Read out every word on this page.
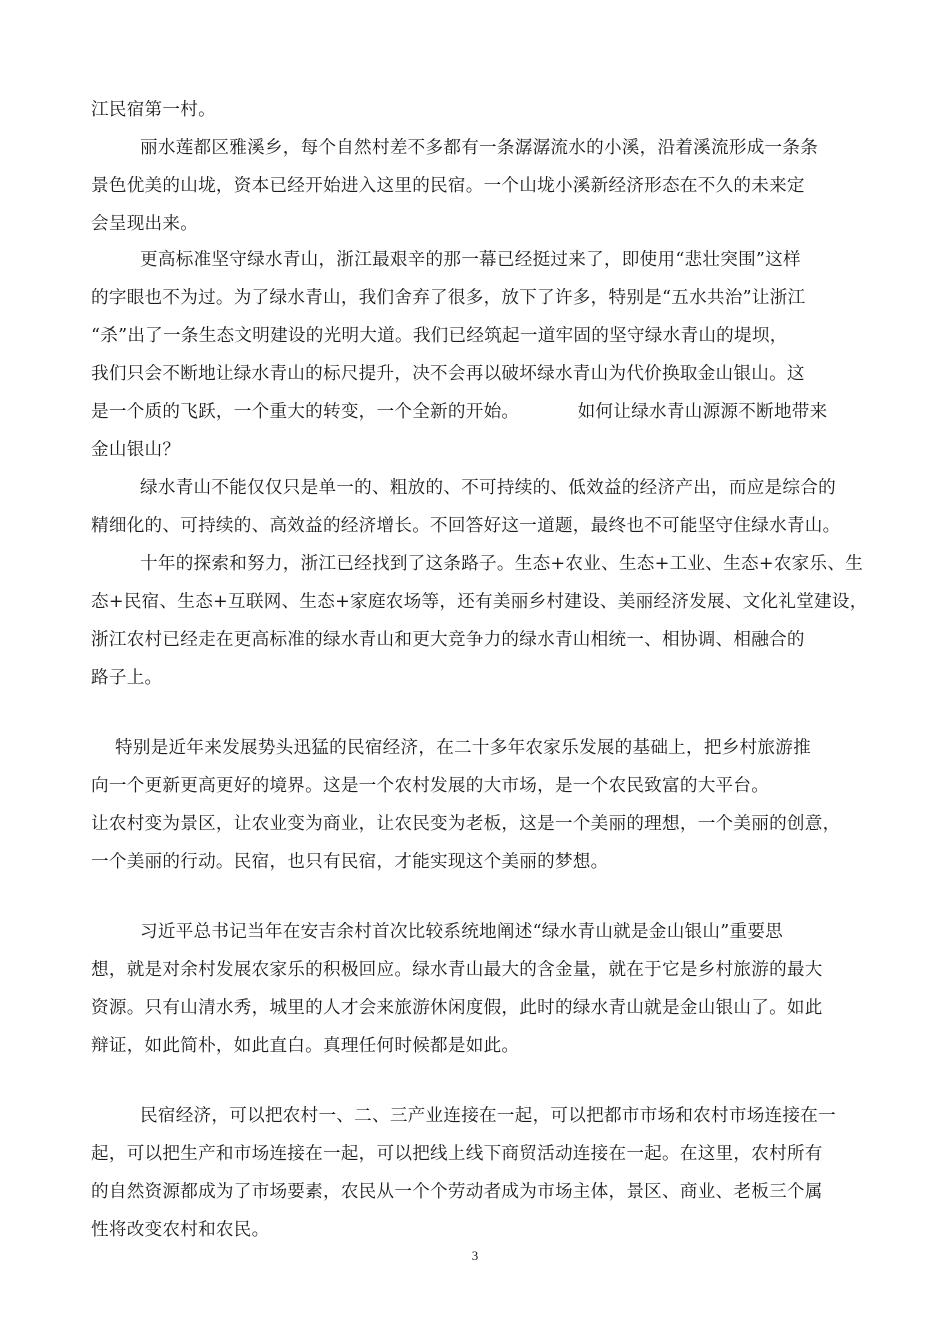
江民宿第一村。
丽水莲都区雅溪乡，每个自然村差不多都有一条潺潺流水的小溪，沿着溪流形成一条条
景色优美的山垅，资本已经开始进入这里的民宿。一个山垅小溪新经济形态在不久的未来定
会呈现出来。
更高标准坚守绿水青山，浙江最艰辛的那一幕已经挺过来了，即使用“悲壮突围”这样
的字眼也不为过。为了绿水青山，我们舍弃了很多，放下了许多，特别是“五水共治”让浙江
“杀”出了一条生态文明建设的光明大道。我们已经筑起一道牢固的坚守绿水青山的堤坝，
我们只会不断地让绿水青山的标尺提升，决不会再以破坏绿水青山为代价换取金山银山。这
是一个质的飞跃，一个重大的转变，一个全新的开始。          如何让绿水青山源源不断地带来
金山银山？
绿水青山不能仅仅只是单一的、粗放的、不可持续的、低效益的经济产出，而应是综合的
精细化的、可持续的、高效益的经济增长。不回答好这一道题，最终也不可能坚守住绿水青山。
十年的探索和努力，浙江已经找到了这条路子。生态+农业、生态+工业、生态+农家乐、生
态+民宿、生态+互联网、生态+家庭农场等，还有美丽乡村建设、美丽经济发展、文化礼堂建设，
浙江农村已经走在更高标准的绿水青山和更大竞争力的绿水青山相统一、相协调、相融合的
路子上。
特别是近年来发展势头迅猛的民宿经济，在二十多年农家乐发展的基础上，把乡村旅游推
向一个更新更高更好的境界。这是一个农村发展的大市场，是一个农民致富的大平台。
让农村变为景区，让农业变为商业，让农民变为老板，这是一个美丽的理想，一个美丽的创意，
一个美丽的行动。民宿，也只有民宿，才能实现这个美丽的梦想。
习近平总书记当年在安吉余村首次比较系统地阐述“绿水青山就是金山银山”重要思
想，就是对余村发展农家乐的积极回应。绿水青山最大的含金量，就在于它是乡村旅游的最大
资源。只有山清水秀，城里的人才会来旅游休闲度假，此时的绿水青山就是金山银山了。如此
辩证，如此简朴，如此直白。真理任何时候都是如此。
民宿经济，可以把农村一、二、三产业连接在一起，可以把都市市场和农村市场连接在一
起，可以把生产和市场连接在一起，可以把线上线下商贸活动连接在一起。在这里，农村所有
的自然资源都成为了市场要素，农民从一个个劳动者成为市场主体，景区、商业、老板三个属
性将改变农村和农民。
3
